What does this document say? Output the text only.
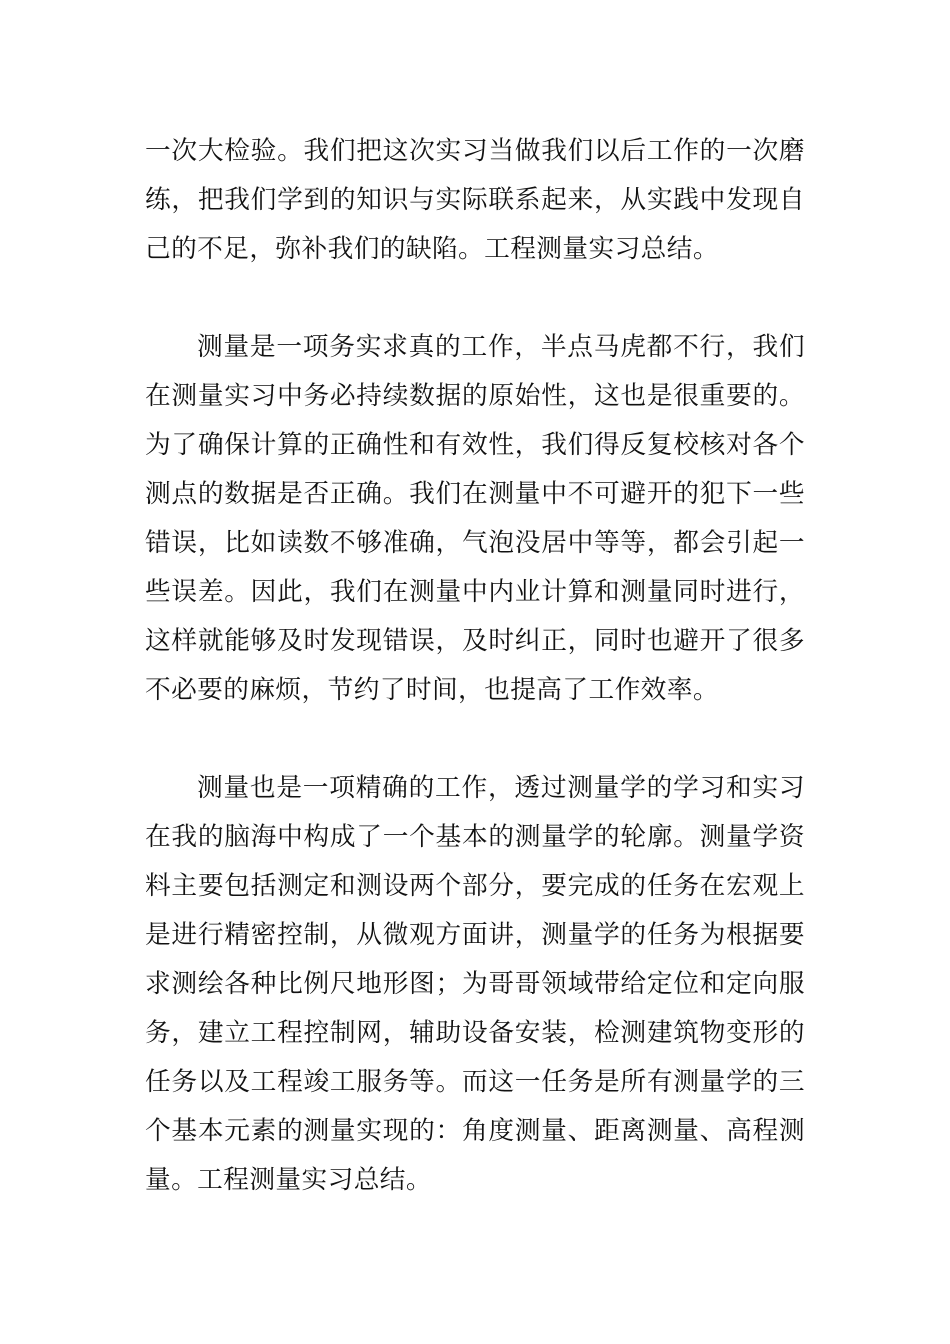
一次大检验。我们把这次实习当做我们以后工作的一次磨练，把我们学到的知识与实际联系起来，从实践中发现自己的不足，弥补我们的缺陷。工程测量实习总结。

测量是一项务实求真的工作，半点马虎都不行，我们在测量实习中务必持续数据的原始性，这也是很重要的。为了确保计算的正确性和有效性，我们得反复校核对各个测点的数据是否正确。我们在测量中不可避开的犯下一些错误，比如读数不够准确，气泡没居中等等，都会引起一些误差。因此，我们在测量中内业计算和测量同时进行，这样就能够及时发现错误，及时纠正，同时也避开了很多不必要的麻烦，节约了时间，也提高了工作效率。

测量也是一项精确的工作，透过测量学的学习和实习在我的脑海中构成了一个基本的测量学的轮廓。测量学资料主要包括测定和测设两个部分，要完成的任务在宏观上是进行精密控制，从微观方面讲，测量学的任务为根据要求测绘各种比例尺地形图；为哥哥领域带给定位和定向服务，建立工程控制网，辅助设备安装，检测建筑物变形的任务以及工程竣工服务等。而这一任务是所有测量学的三个基本元素的测量实现的：角度测量、距离测量、高程测量。工程测量实习总结。
